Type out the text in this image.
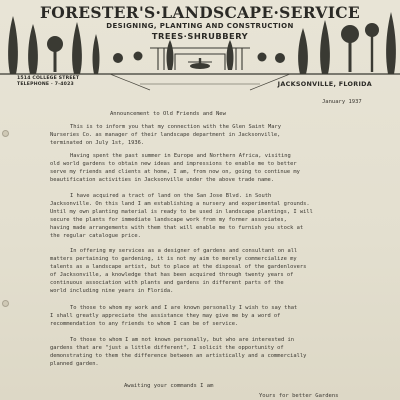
FORESTER'S·LANDSCAPE·SERVICE
DESIGNING, PLANTING AND CONSTRUCTION
TREES·SHRUBBERY
1514 COLLEGE STREET
TELEPHONE · 7-4023	JACKSONVILLE, FLORIDA
January 1937
Announcement to Old Friends and New
This is to inform you that my connection with the Glen Saint Mary
Nurseries Co. as manager of their landscape department in Jacksonville,
terminated on July 1st, 1936.
Having spent the past summer in Europe and Northern Africa, visiting
old world gardens to obtain new ideas and impressions to enable me to better
serve my friends and clients at home, I am, from now on, going to continue my
beautification activities in Jacksonville under the above trade name.
I have acquired a tract of land on the San Jose Blvd. in South
Jacksonville. On this land I am establishing a nursery and experimental grounds.
Until my own planting material is ready to be used in landscape plantings, I will
secure the plants for immediate landscape work from my former associates,
having made arrangements with them that will enable me to furnish you stock at
the regular catalogue price.
In offering my services as a designer of gardens and consultant on all
matters pertaining to gardening, it is not my aim to merely commercialize my
talents as a landscape artist, but to place at the disposal of the gardenlovers
of Jacksonville, a knowledge that has been acquired through twenty years of
continuous association with plants and gardens in different parts of the
world including nine years in Florida.
To those to whom my work and I are known personally I wish to say that
I shall greatly appreciate the assistance they may give me by a word of
recommendation to any friends to whom I can be of service.
To those to whom I am not known personally, but who are interested in
gardens that are "just a little different", I solicit the opportunity of
demonstrating to them the difference between an artistically and a commercially
planned garden.
Awaiting your commands I am
Yours for better Gardens
